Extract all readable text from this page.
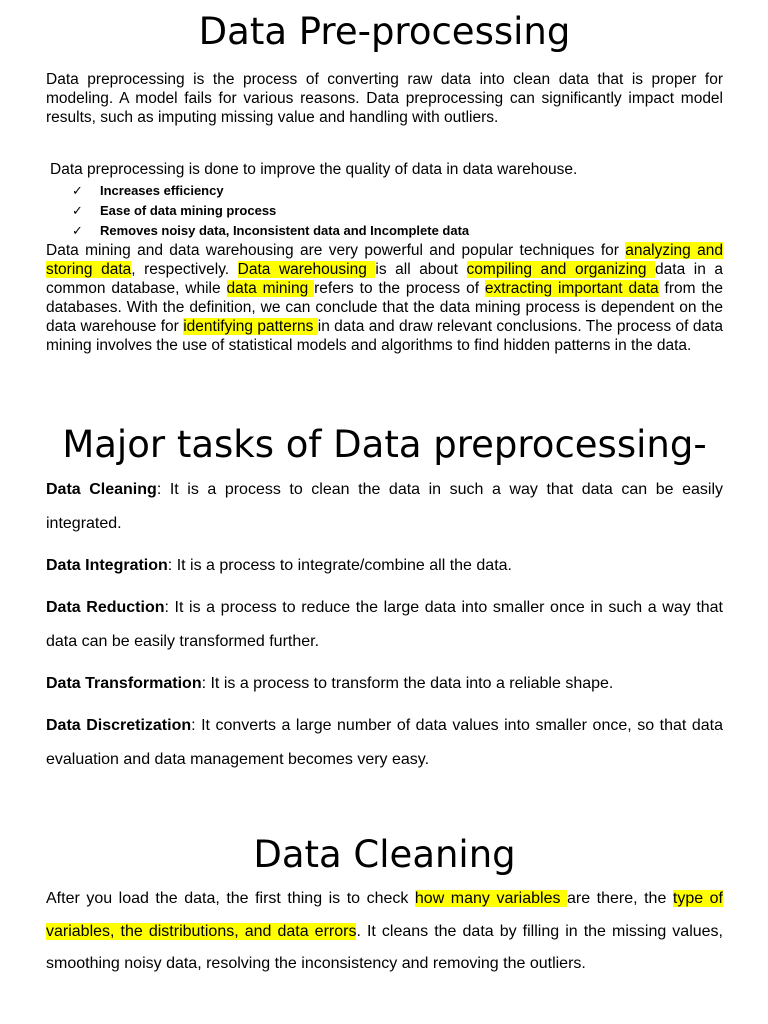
Data Pre-processing

Data preprocessing is the process of converting raw data into clean data that is proper for modeling. A model fails for various reasons. Data preprocessing can significantly impact model results, such as imputing missing value and handling with outliers.

Data preprocessing is done to improve the quality of data in data warehouse.

✓ Increases efficiency
✓ Ease of data mining process
✓ Removes noisy data, Inconsistent data and Incomplete data

Data mining and data warehousing are very powerful and popular techniques for analyzing and storing data, respectively. Data warehousing is all about compiling and organizing data in a common database, while data mining refers to the process of extracting important data from the databases. With the definition, we can conclude that the data mining process is dependent on the data warehouse for identifying patterns in data and draw relevant conclusions. The process of data mining involves the use of statistical models and algorithms to find hidden patterns in the data.

Major tasks of Data preprocessing-

Data Cleaning: It is a process to clean the data in such a way that data can be easily integrated.

Data Integration: It is a process to integrate/combine all the data.

Data Reduction: It is a process to reduce the large data into smaller once in such a way that data can be easily transformed further.

Data Transformation: It is a process to transform the data into a reliable shape.

Data Discretization: It converts a large number of data values into smaller once, so that data evaluation and data management becomes very easy.

Data Cleaning

After you load the data, the first thing is to check how many variables are there, the type of variables, the distributions, and data errors. It cleans the data by filling in the missing values, smoothing noisy data, resolving the inconsistency and removing the outliers.
